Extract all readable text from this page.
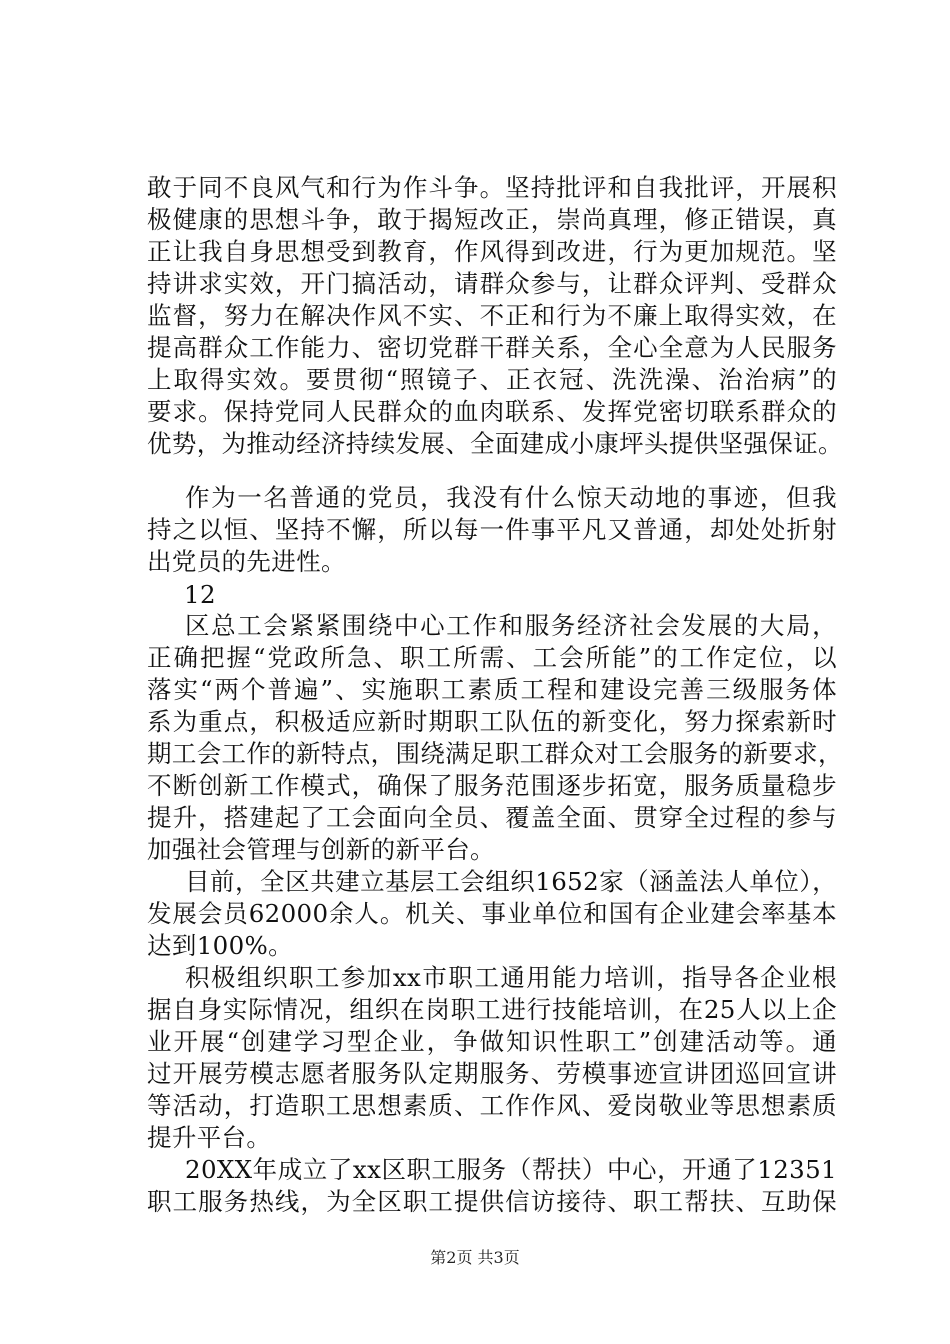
敢于同不良风气和行为作斗争。坚持批评和自我批评，开展积
极健康的思想斗争，敢于揭短改正，崇尚真理，修正错误，真
正让我自身思想受到教育，作风得到改进，行为更加规范。坚
持讲求实效，开门搞活动，请群众参与，让群众评判、受群众
监督，努力在解决作风不实、不正和行为不廉上取得实效，在
提高群众工作能力、密切党群干群关系，全心全意为人民服务
上取得实效。要贯彻“照镜子、正衣冠、洗洗澡、治治病”的
要求。保持党同人民群众的血肉联系、发挥党密切联系群众的
优势，为推动经济持续发展、全面建成小康坪头提供坚强保证。
作为一名普通的党员，我没有什么惊天动地的事迹，但我
持之以恒、坚持不懈，所以每一件事平凡又普通，却处处折射
出党员的先进性。
12
区总工会紧紧围绕中心工作和服务经济社会发展的大局，
正确把握“党政所急、职工所需、工会所能”的工作定位，以
落实“两个普遍”、实施职工素质工程和建设完善三级服务体
系为重点，积极适应新时期职工队伍的新变化，努力探索新时
期工会工作的新特点，围绕满足职工群众对工会服务的新要求，
不断创新工作模式，确保了服务范围逐步拓宽，服务质量稳步
提升，搭建起了工会面向全员、覆盖全面、贯穿全过程的参与
加强社会管理与创新的新平台。
目前，全区共建立基层工会组织1652家（涵盖法人单位），
发展会员62000余人。机关、事业单位和国有企业建会率基本
达到100%。
积极组织职工参加xx市职工通用能力培训，指导各企业根
据自身实际情况，组织在岗职工进行技能培训，在25人以上企
业开展“创建学习型企业，争做知识性职工”创建活动等。通
过开展劳模志愿者服务队定期服务、劳模事迹宣讲团巡回宣讲
等活动，打造职工思想素质、工作作风、爱岗敬业等思想素质
提升平台。
20XX年成立了xx区职工服务（帮扶）中心，开通了12351
职工服务热线，为全区职工提供信访接待、职工帮扶、互助保
第2页 共3页
